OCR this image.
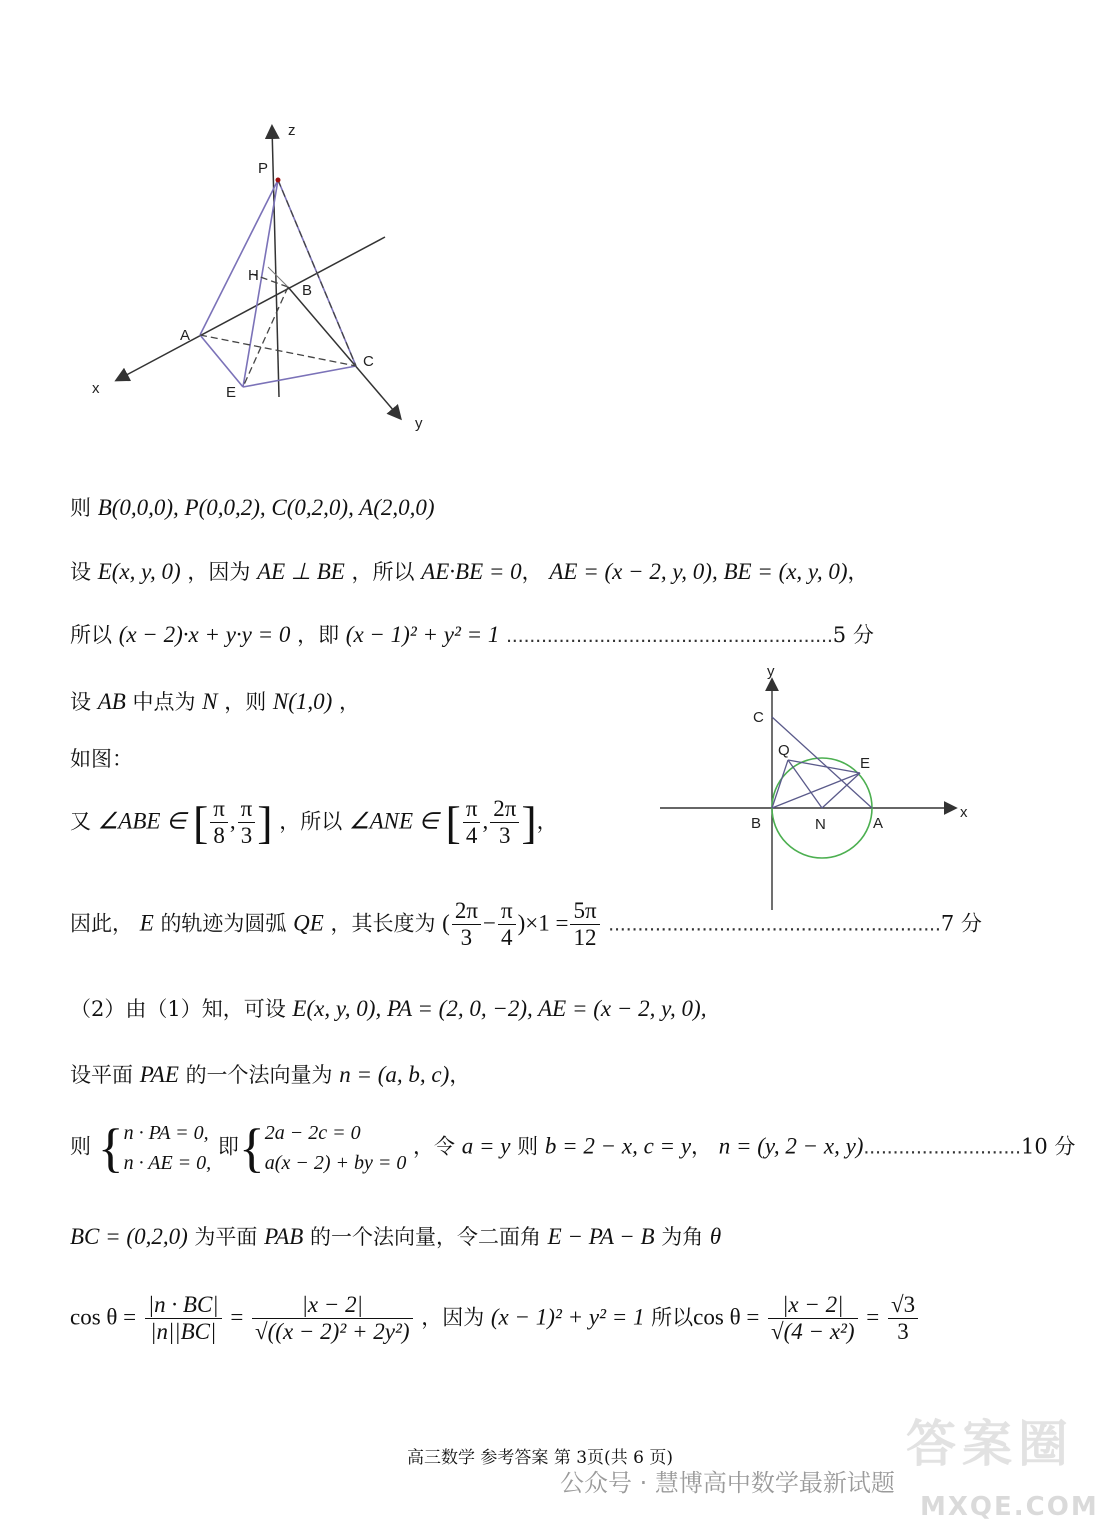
z
x
y
P
H
B
A
C
E
x
y
C
Q
E
B	N	A
则 B(0,0,0), P(0,0,2), C(0,2,0), A(2,0,0)
设 E(x, y, 0) ，因为 AE ⊥ BE ，所以 AE·BE = 0， AE = (x − 2, y, 0), BE = (x, y, 0)，
所以 (x − 2)·x + y·y = 0 ，即 (x − 1)² + y² = 1 ........................................................5 分
设 AB 中点为 N ，则 N(1,0) ，
如图：
又 ∠ABE ∈ [ $\frac{\pi}{8}$ , $\frac{\pi}{3}$ ] ，所以 ∠ANE ∈ [ $\frac{\pi}{4}$ , $\frac{2\pi}{3}$ ]，
因此， E 的轨迹为圆弧 QE ，其长度为 ( $\frac{2\pi}{3} - \frac{\pi}{4} )\times 1 = \frac{5\pi}{12} .........................................................7$ 分
（2）由（1）知，可设 E(x, y, 0), PA = (2, 0, −2), AE = (x − 2, y, 0),
设平面 PAE 的一个法向量为 n = (a, b, c)，
则 {n · PA = 0,
n · AE = 0, 即{2a − 2c = 0
a(x − 2) + by = 0 ，令 a = y 则 b = 2 − x, c = y， n = (y, 2 − x, y)...........................10 分
BC = (0,2,0) 为平面 PAB 的一个法向量，令二面角 E − PA − B 为角 θ
$\cos \theta = \frac{|n \cdot BC|}{|n||BC|} = \frac{|x - 2|}{\text{√((x − 2)² + 2y²)}}$ ，因为 (x − 1)² + y² = 1 所以$\cos \theta = \frac{|x - 2|}{\text{√(4 − x²)}} = \frac{√3}{3}$
高三数学 参考答案 第 3页(共 6 页)
公众号 · 慧博高中数学最新试题
答案圈
MXQE.COM
